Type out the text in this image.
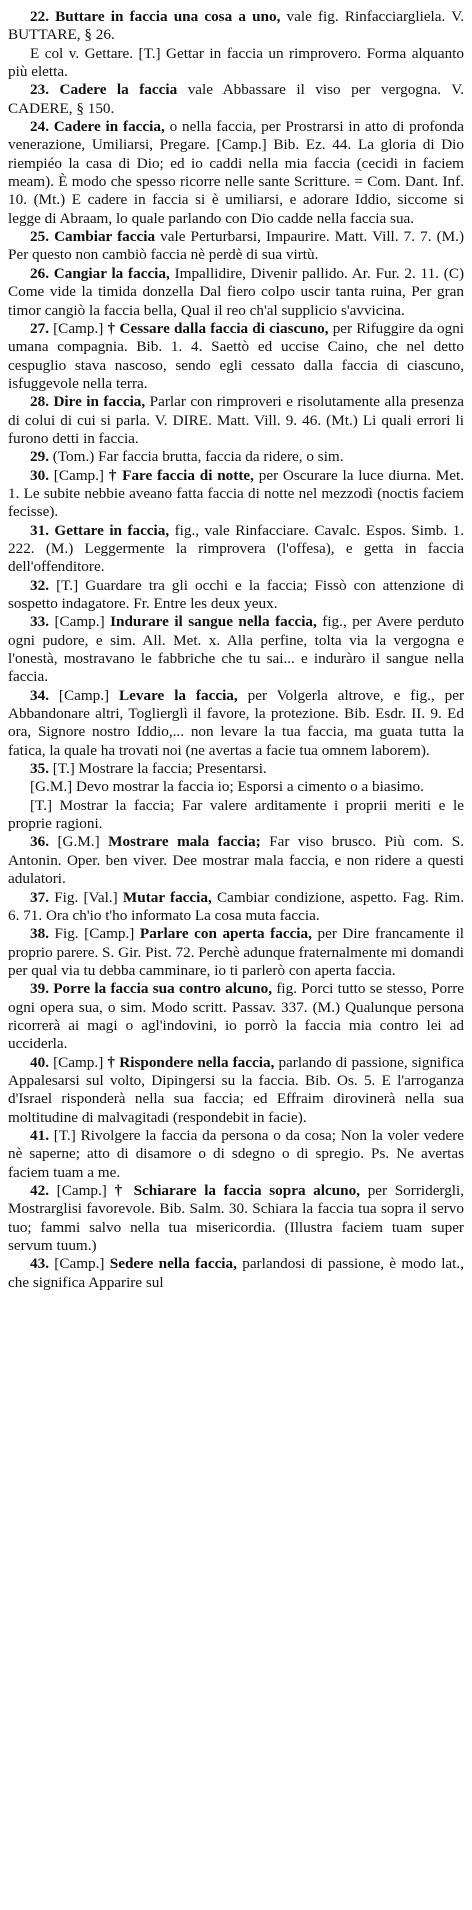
22. Buttare in faccia una cosa a uno, vale fig. Rinfacciargliela. V. BUTTARE, § 26.
E col v. Gettare. [T.] Gettar in faccia un rimprovero. Forma alquanto più eletta.

23. Cadere la faccia vale Abbassare il viso per vergogna. V. CADERE, § 150.

24. Cadere in faccia, o nella faccia, per Prostrarsi in atto di profonda venerazione, Umiliarsi, Pregare. [Camp.] Bib. Ez. 44. La gloria di Dio riempiéo la casa di Dio; ed io caddi nella mia faccia (cecidi in faciem meam). È modo che spesso ricorre nelle sante Scritture. = Com. Dant. Inf. 10. (Mt.) E cadere in faccia si è umiliarsi, e adorare Iddio, siccome si legge di Abraam, lo quale parlando con Dio cadde nella faccia sua.

25. Cambiar faccia vale Perturbarsi, Impaurire. Matt. Vill. 7. 7. (M.) Per questo non cambiò faccia nè perdè di sua virtù.

26. Cangiar la faccia, Impallidire, Divenir pallido. Ar. Fur. 2. 11. (C) Come vide la timida donzella Dal fiero colpo uscir tanta ruina, Per gran timor cangiò la faccia bella, Qual il reo ch'al supplicio s'avvicina.

27. [Camp.] † Cessare dalla faccia di ciascuno, per Rifuggire da ogni umana compagnia. Bib. 1. 4. Saettò ed uccise Caino, che nel detto cespuglio stava nascoso, sendo egli cessato dalla faccia di ciascuno, isfuggevole nella terra.

28. Dire in faccia, Parlar con rimproveri e risolutamente alla presenza di colui di cui si parla. V. DIRE. Matt. Vill. 9. 46. (Mt.) Li quali errori li furono detti in faccia.

29. (Tom.) Far faccia brutta, faccia da ridere, o sim.

30. [Camp.] † Fare faccia di notte, per Oscurare la luce diurna. Met. 1. Le subite nebbie aveano fatta faccia di notte nel mezzodì (noctis faciem fecisse).

31. Gettare in faccia, fig., vale Rinfacciare. Cavalc. Espos. Simb. 1. 222. (M.) Leggermente la rimprovera (l'offesa), e getta in faccia dell'offenditore.

32. [T.] Guardare tra gli occhi e la faccia; Fissò con attenzione di sospetto indagatore. Fr. Entre les deux yeux.

33. [Camp.] Indurare il sangue nella faccia, fig., per Avere perduto ogni pudore, e sim. All. Met. x. Alla perfine, tolta via la vergogna e l'onestà, mostravano le fabbriche che tu sai... e induràro il sangue nella faccia.

34. [Camp.] Levare la faccia, per Volgerla altrove, e fig., per Abbandonare altri, Toglierglì il favore, la protezione. Bib. Esdr. II. 9. Ed ora, Signore nostro Iddio,... non levare la tua faccia, ma guata tutta la fatica, la quale ha trovati noi (ne avertas a facie tua omnem laborem).

35. [T.] Mostrare la faccia; Presentarsi.
[G.M.] Devo mostrar la faccia io; Esporsi a cimento o a biasimo.

[T.] Mostrar la faccia; Far valere arditamente i proprii meriti e le proprie ragioni.

36. [G.M.] Mostrare mala faccia; Far viso brusco. Più com. S. Antonin. Oper. ben viver. Dee mostrar mala faccia, e non ridere a questi adulatori.

37. Fig. [Val.] Mutar faccia, Cambiar condizione, aspetto. Fag. Rim. 6. 71. Ora ch'io t'ho informato La cosa muta faccia.

38. Fig. [Camp.] Parlare con aperta faccia, per Dire francamente il proprio parere. S. Gir. Pist. 72. Perchè adunque fraternalmente mi domandi per qual via tu debba camminare, io ti parlerò con aperta faccia.

39. Porre la faccia sua contro alcuno, fig. Porci tutto se stesso, Porre ogni opera sua, o sim. Modo scritt. Passav. 337. (M.) Qualunque persona ricorrerà ai magi o agl'indovini, io porrò la faccia mia contro lei ad ucciderla.

40. [Camp.] † Rispondere nella faccia, parlando di passione, significa Appalesarsi sul volto, Dipingersi su la faccia. Bib. Os. 5. E l'arroganza d'Israel risponderà nella sua faccia; ed Effraim dirovinerà nella sua moltitudine di malvagitadi (respondebit in facie).

41. [T.] Rivolgere la faccia da persona o da cosa; Non la voler vedere nè saperne; atto di disamore o di sdegno o di spregio. Ps. Ne avertas faciem tuam a me.

42. [Camp.] † Schiarare la faccia sopra alcuno, per Sorridergli, Mostrarglisi favorevole. Bib. Salm. 30. Schiara la faccia tua sopra il servo tuo; fammi salvo nella tua misericordia. (Illustra faciem tuam super servum tuum.)

43. [Camp.] Sedere nella faccia, parlandosi di passione, è modo lat., che significa Apparire sul
